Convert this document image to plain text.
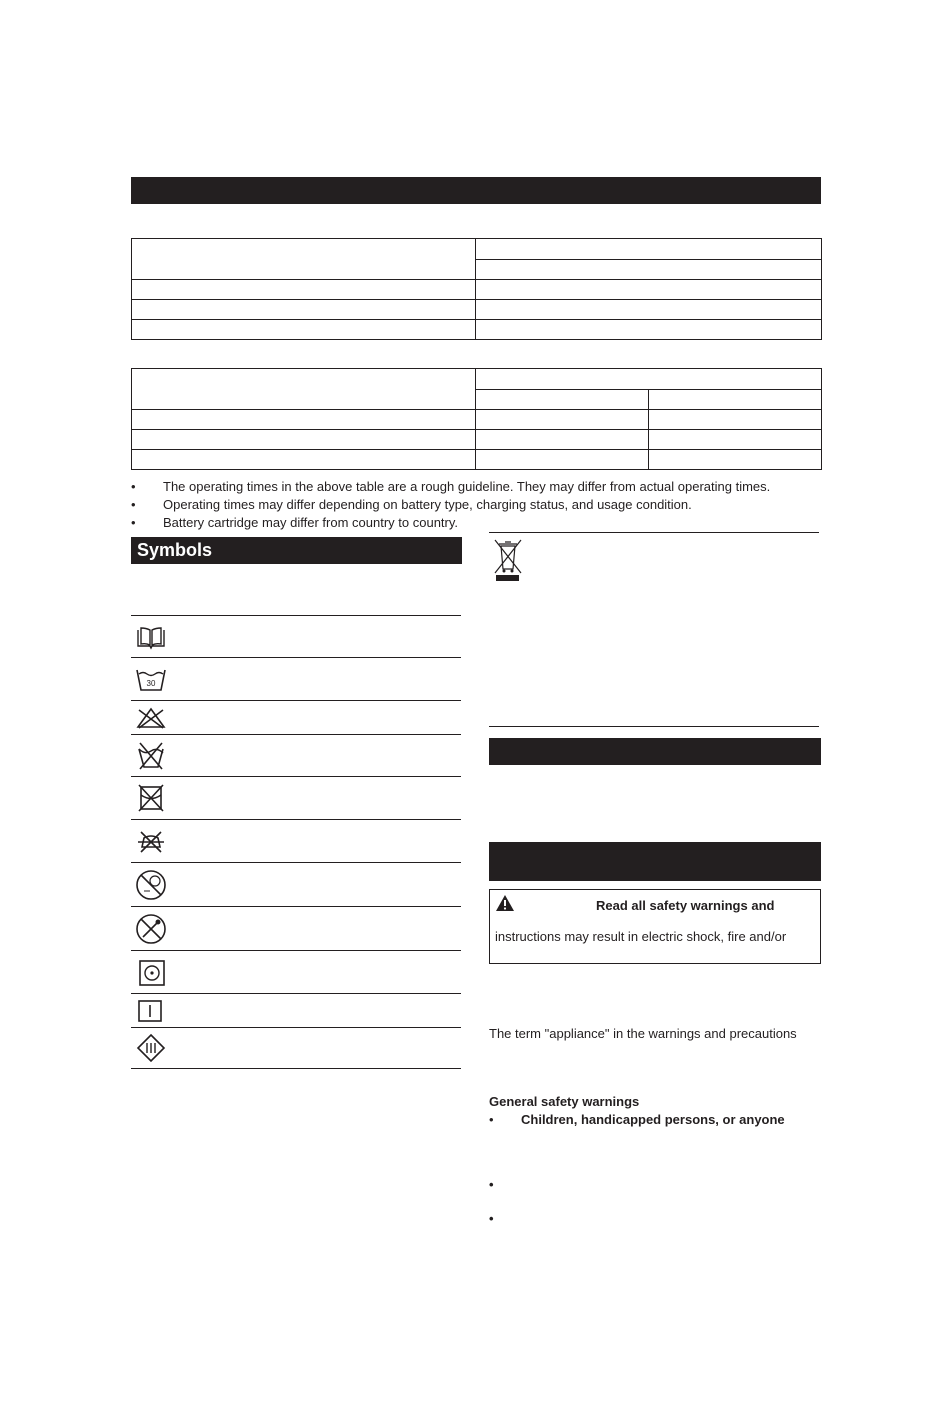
• The operating times in the above table are a rough guideline. They may differ from actual operating times.
• Operating times may differ depending on battery type, charging status, and usage condition.
• Battery cartridge may differ from country to country.
Symbols
30
Read all safety warnings and
instructions may result in electric shock, fire and/or
The term "appliance" in the warnings and precautions
General safety warnings
• Children, handicapped persons, or anyone
•
•
